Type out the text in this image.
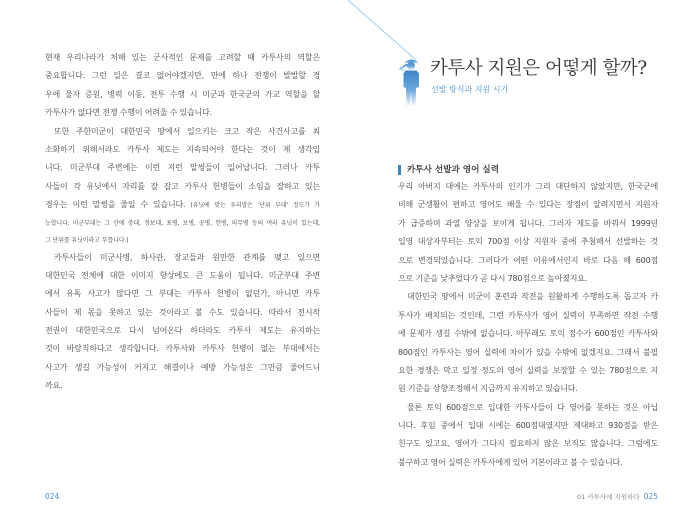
현재 우리나라가 처해 있는 군사적인 문제를 고려할 때 카투사의 역할은
중요합니다. 그런 일은 결코 없어야겠지만, 만에 하나 전쟁이 발발할 경
우에 물자 증원, 병력 이동, 전투 수행 시 미군과 한국군의 가교 역할을 할
카투사가 없다면 전쟁 수행이 어려울 수 있습니다.
또한 주한미군이 대한민국 땅에서 일으키는 크고 작은 사건사고를 최
소화하기 위해서라도 카투사 제도는 지속되어야 한다는 것이 제 생각입
니다. 미군부대 주변에는 이런 저런 말썽들이 일어납니다. 그러나 카투
사들이 각 유닛에서 자리를 잘 잡고 카투사 헌병들이 소임을 잘하고 있는
경우는 이런 말썽을 줄일 수 있습니다. (유닛에 맞는 우리말은 ‘단위 부대’ 정도가 가
능합니다. 미군부대는 그 안에 중대, 정보대, 포병, 보병, 공병, 헌병, 의무병 등의 여러 유닛이 있는데,
그 단위를 유닛이라고 부릅니다.)
카투사들이 미군사병, 하사관, 장교들과 원만한 관계를 맺고 있으면
대한민국 전체에 대한 이미지 향상에도 큰 도움이 됩니다. 미군부대 주변
에서 유독 사고가 많다면 그 부대는 카투사 헌병이 없던가, 아니면 카투
사들이 제 몫을 못하고 있는 것이라고 볼 수도 있습니다. 따라서 전시작
전권이 대한민국으로 다시 넘어온다 하더라도 카투사 제도는 유지하는
것이 바람직하다고 생각합니다. 카투사와 카투사 헌병이 없는 부대에서는
사고가 생길 가능성이 커지고 해결이나 예방 가능성은 그만큼 줄어드니
까요.
024
카투사 지원은 어떻게 할까?
선발 방식과 지원 시기
카투사 선발과 영어 실력
우리 아버지 대에는 카투사의 인기가 그리 대단하지 않았지만, 한국군에
비해 군생활이 편하고 영어도 배울 수 있다는 장점이 알려지면서 지원자
가 급증하며 과열 양상을 보이게 됩니다. 그러자 제도를 바꿔서 1999년
입영 대상자부터는 토익 700점 이상 지원자 중에 추첨해서 선발하는 것
으로 변경되었습니다. 그러다가 어떤 이유에서인지 바로 다음 해 600점
으로 기준을 낮추었다가 곧 다시 780점으로 높아졌지요.
대한민국 땅에서 미군이 훈련과 작전을 원활하게 수행하도록 돕고자 카
투사가 배치되는 것인데, 그런 카투사가 영어 실력이 부족하면 작전 수행
에 문제가 생길 수밖에 없습니다. 아무래도 토익 점수가 600점인 카투사와
800점인 카투사는 영어 실력에 차이가 있을 수밖에 없겠지요. 그래서 불필
요한 경쟁은 막고 일정 정도의 영어 실력을 보장할 수 있는 780점으로 지
원 기준을 상향조정해서 지금까지 유지하고 있습니다.
물론 토익 600점으로 입대한 카투사들이 다 영어를 못하는 것은 아닙
니다. 후임 중에서 입대 시에는 600점대였지만 제대하고 930점을 받은
친구도 있고요, 영어가 그다지 필요하지 않은 보직도 많습니다. 그럼에도
불구하고 영어 실력은 카투사에게 있어 기본이라고 볼 수 있습니다.
01 카투사에 지원하다 025
